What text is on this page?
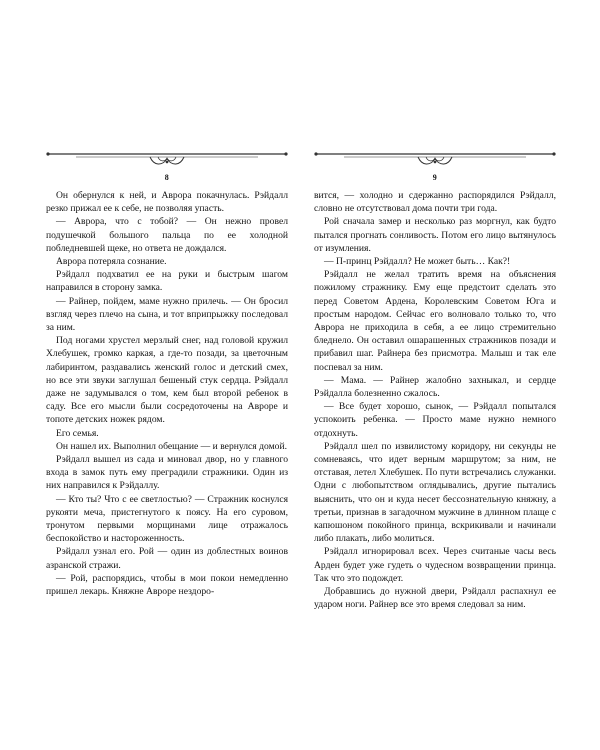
8

Он обернулся к ней, и Аврора покачнулась. Рэйдалл резко прижал ее к себе, не позволяя упасть.

— Аврора, что с тобой? — Он нежно провел подушечкой большого пальца по ее холодной побледневшей щеке, но ответа не дождался.

Аврора потеряла сознание.

Рэйдалл подхватил ее на руки и быстрым шагом направился в сторону замка.

— Райнер, пойдем, маме нужно прилечь. — Он бросил взгляд через плечо на сына, и тот вприпрыжку последовал за ним.

Под ногами хрустел мерзлый снег, над головой кружил Хлебушек, громко каркая, а где-то позади, за цветочным лабиринтом, раздавались женский голос и детский смех, но все эти звуки заглушал бешеный стук сердца. Рэйдалл даже не задумывался о том, кем был второй ребенок в саду. Все его мысли были сосредоточены на Авроре и топоте детских ножек рядом.

Его семья.

Он нашел их. Выполнил обещание — и вернулся домой.

Рэйдалл вышел из сада и миновал двор, но у главного входа в замок путь ему преградили стражники. Один из них направился к Рэйдаллу.

— Кто ты? Что с ее светлостью? — Стражник коснулся рукояти меча, пристегнутого к поясу. На его суровом, тронутом первыми морщинами лице отражалось беспокойство и настороженность.

Рэйдалл узнал его. Рой — один из доблестных воинов азранской стражи.

— Рой, распорядись, чтобы в мои покои немедленно пришел лекарь. Княжне Авроре нездоро-

9

вится, — холодно и сдержанно распорядился Рэйдалл, словно не отсутствовал дома почти три года.

Рой сначала замер и несколько раз моргнул, как будто пытался прогнать сонливость. Потом его лицо вытянулось от изумления.

— П-принц Рэйдалл? Не может быть… Как?!

Рэйдалл не желал тратить время на объяснения пожилому стражнику. Ему еще предстоит сделать это перед Советом Ардена, Королевским Советом Юга и простым народом. Сейчас его волновало только то, что Аврора не приходила в себя, а ее лицо стремительно бледнело. Он оставил ошарашенных стражников позади и прибавил шаг. Райнера без присмотра. Малыш и так еле поспевал за ним.

— Мама. — Райнер жалобно захныкал, и сердце Рэйдалла болезненно сжалось.

— Все будет хорошо, сынок, — Рэйдалл попытался успокоить ребенка. — Просто маме нужно немного отдохнуть.

Рэйдалл шел по извилистому коридору, ни секунды не сомневаясь, что идет верным маршрутом; за ним, не отставая, летел Хлебушек. По пути встречались служанки. Одни с любопытством оглядывались, другие пытались выяснить, что он и куда несет бессознательную княжну, а третьи, признав в загадочном мужчине в длинном плаще с капюшоном покойного принца, вскрикивали и начинали либо плакать, либо молиться.

Рэйдалл игнорировал всех. Через считаные часы весь Арден будет уже гудеть о чудесном возвращении принца. Так что это подождет.

Добравшись до нужной двери, Рэйдалл распахнул ее ударом ноги. Райнер все это время следовал за ним.
